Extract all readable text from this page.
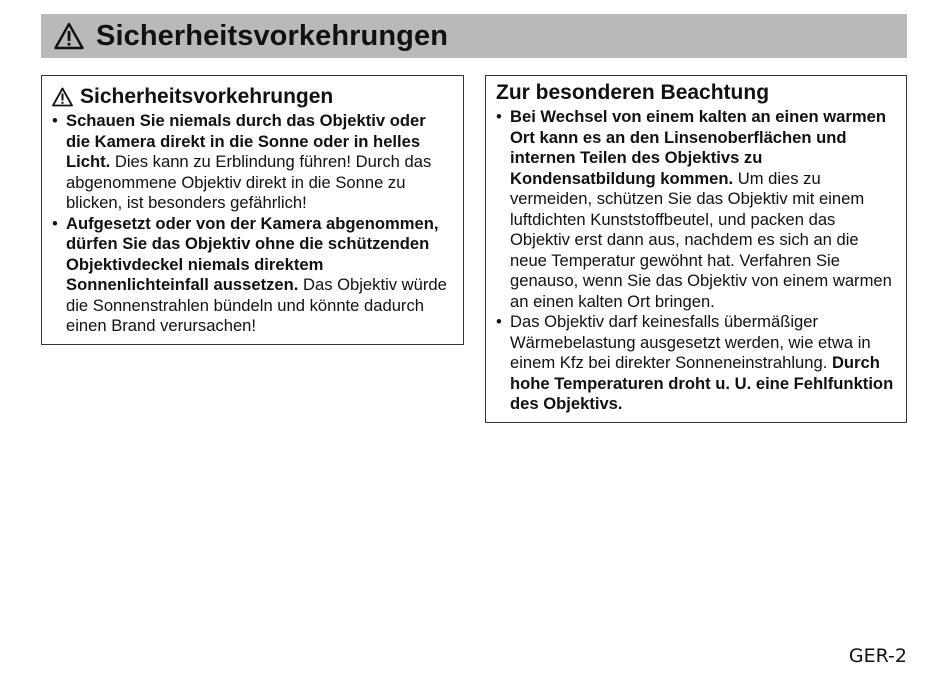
Sicherheitsvorkehrungen
Sicherheitsvorkehrungen
• Schauen Sie niemals durch das Objektiv oder die Kamera direkt in die Sonne oder in helles Licht. Dies kann zu Erblindung führen! Durch das abgenommene Objektiv direkt in die Sonne zu blicken, ist besonders gefährlich!
• Aufgesetzt oder von der Kamera abgenommen, dürfen Sie das Objektiv ohne die schützenden Objektivdeckel niemals direktem Sonnenlichteinfall aussetzen. Das Objektiv würde die Sonnenstrahlen bündeln und könnte dadurch einen Brand verursachen!
Zur besonderen Beachtung
• Bei Wechsel von einem kalten an einen warmen Ort kann es an den Linsenoberflächen und internen Teilen des Objektivs zu Kondensatbildung kommen. Um dies zu vermeiden, schützen Sie das Objektiv mit einem luftdichten Kunststoffbeutel, und packen das Objektiv erst dann aus, nachdem es sich an die neue Temperatur gewöhnt hat. Verfahren Sie genauso, wenn Sie das Objektiv von einem warmen an einen kalten Ort bringen.
• Das Objektiv darf keinesfalls übermäßiger Wärmebelastung ausgesetzt werden, wie etwa in einem Kfz bei direkter Sonneneinstrahlung. Durch hohe Temperaturen droht u. U. eine Fehlfunktion des Objektivs.
GER-2
